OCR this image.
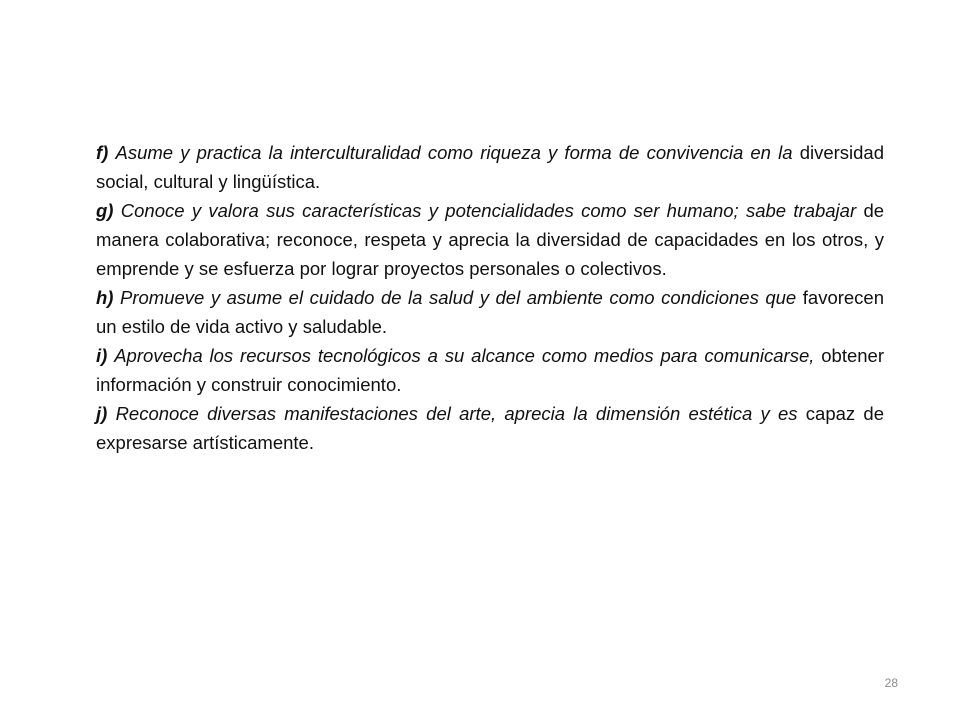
f) Asume y practica la interculturalidad como riqueza y forma de convivencia en la diversidad social, cultural y lingüística.

g) Conoce y valora sus características y potencialidades como ser humano; sabe trabajar de manera colaborativa; reconoce, respeta y aprecia la diversidad de capacidades en los otros, y emprende y se esfuerza por lograr proyectos personales o colectivos.

h) Promueve y asume el cuidado de la salud y del ambiente como condiciones que favorecen un estilo de vida activo y saludable.

i) Aprovecha los recursos tecnológicos a su alcance como medios para comunicarse, obtener información y construir conocimiento.

j) Reconoce diversas manifestaciones del arte, aprecia la dimensión estética y es capaz de expresarse artísticamente.

28
